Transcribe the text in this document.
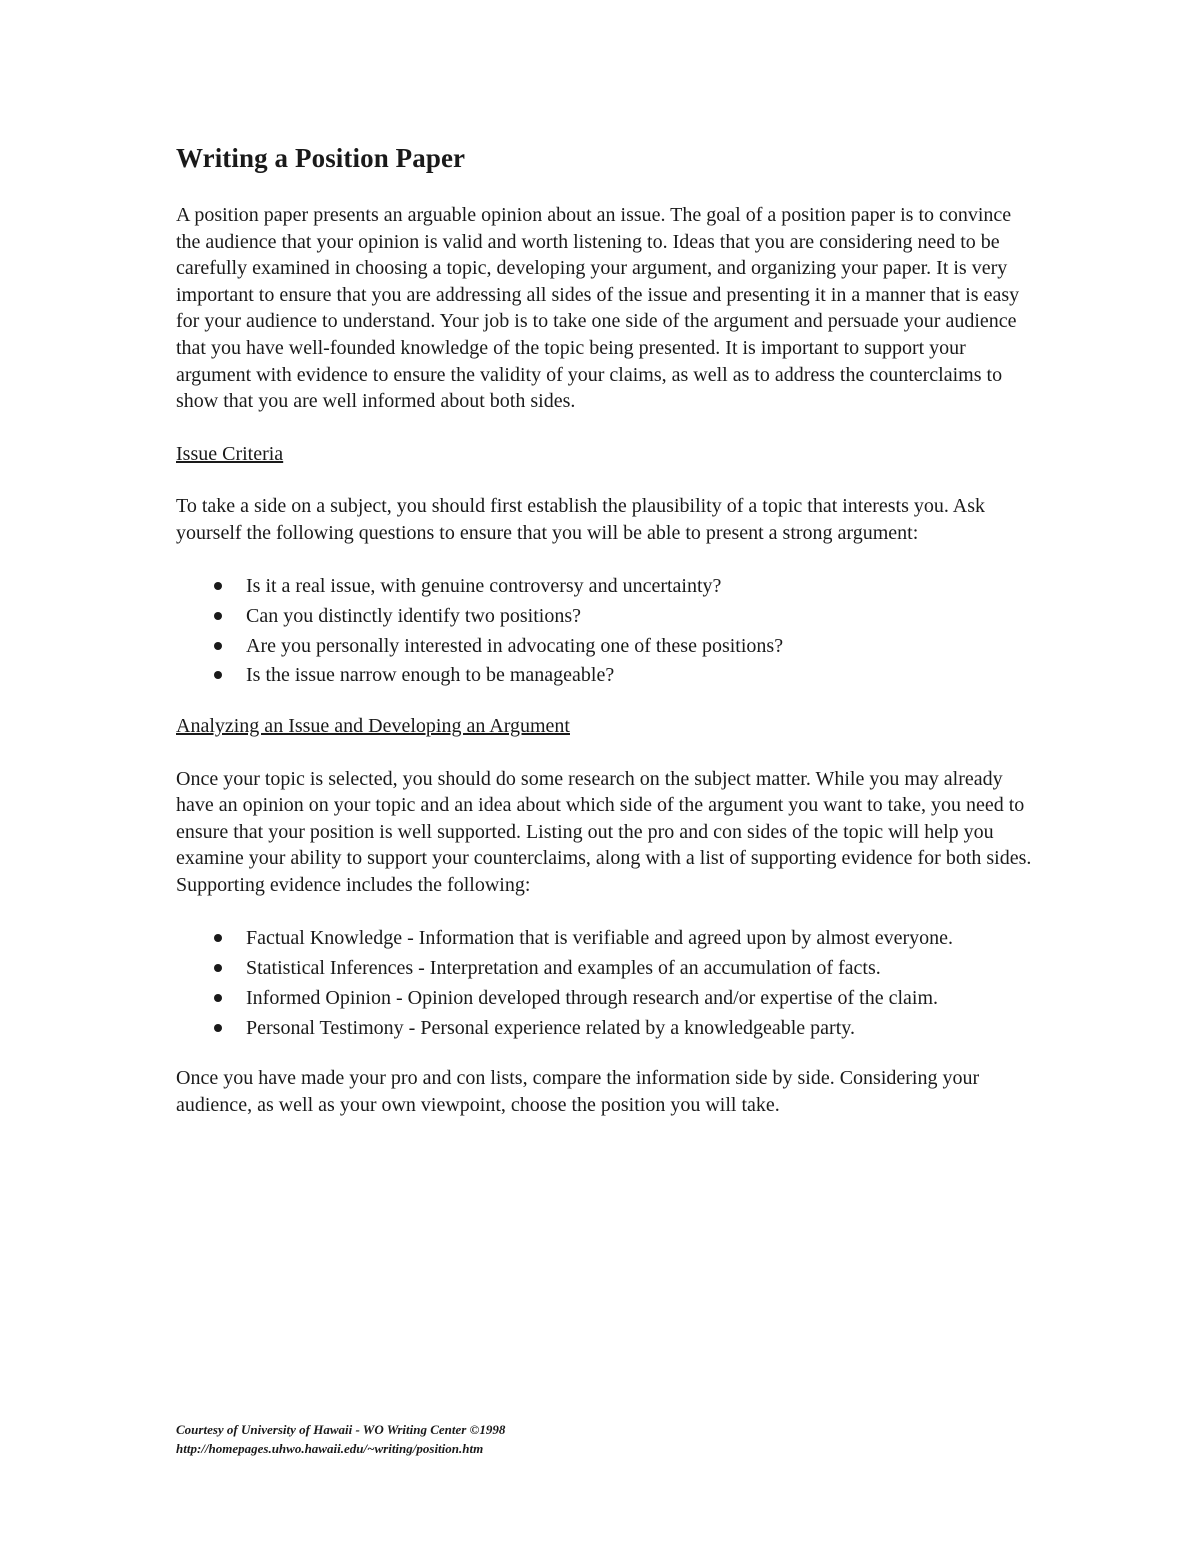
Writing a Position Paper

A position paper presents an arguable opinion about an issue. The goal of a position paper is to convince the audience that your opinion is valid and worth listening to. Ideas that you are considering need to be carefully examined in choosing a topic, developing your argument, and organizing your paper. It is very important to ensure that you are addressing all sides of the issue and presenting it in a manner that is easy for your audience to understand. Your job is to take one side of the argument and persuade your audience that you have well-founded knowledge of the topic being presented. It is important to support your argument with evidence to ensure the validity of your claims, as well as to address the counterclaims to show that you are well informed about both sides.

Issue Criteria

To take a side on a subject, you should first establish the plausibility of a topic that interests you. Ask yourself the following questions to ensure that you will be able to present a strong argument:

Is it a real issue, with genuine controversy and uncertainty?
Can you distinctly identify two positions?
Are you personally interested in advocating one of these positions?
Is the issue narrow enough to be manageable?
Analyzing an Issue and Developing an Argument

Once your topic is selected, you should do some research on the subject matter. While you may already have an opinion on your topic and an idea about which side of the argument you want to take, you need to ensure that your position is well supported. Listing out the pro and con sides of the topic will help you examine your ability to support your counterclaims, along with a list of supporting evidence for both sides. Supporting evidence includes the following:

Factual Knowledge - Information that is verifiable and agreed upon by almost everyone.
Statistical Inferences - Interpretation and examples of an accumulation of facts.
Informed Opinion - Opinion developed through research and/or expertise of the claim.
Personal Testimony - Personal experience related by a knowledgeable party.

Once you have made your pro and con lists, compare the information side by side. Considering your audience, as well as your own viewpoint, choose the position you will take.

Courtesy of University of Hawaii - WO Writing Center ©1998
http://homepages.uhwo.hawaii.edu/~writing/position.htm
